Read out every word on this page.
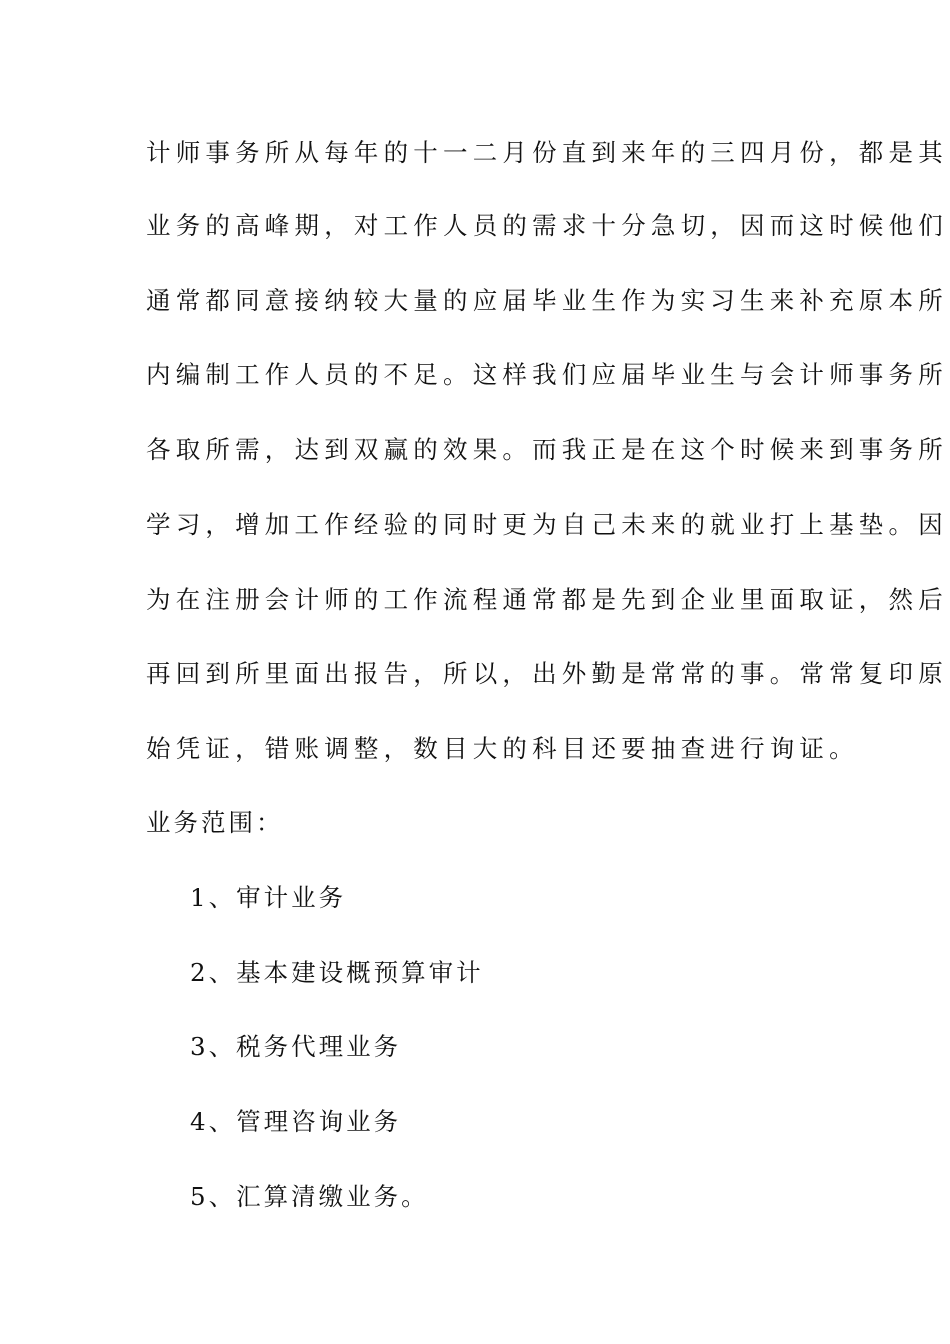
计师事务所从每年的十一二月份直到来年的三四月份，都是其
业务的高峰期，对工作人员的需求十分急切，因而这时候他们
通常都同意接纳较大量的应届毕业生作为实习生来补充原本所
内编制工作人员的不足。这样我们应届毕业生与会计师事务所
各取所需，达到双赢的效果。而我正是在这个时候来到事务所
学习，增加工作经验的同时更为自己未来的就业打上基垫。因
为在注册会计师的工作流程通常都是先到企业里面取证，然后
再回到所里面出报告，所以，出外勤是常常的事。常常复印原
始凭证，错账调整，数目大的科目还要抽查进行询证。
业务范围：
1、审计业务
2、基本建设概预算审计
3、税务代理业务
4、管理咨询业务
5、汇算清缴业务。
